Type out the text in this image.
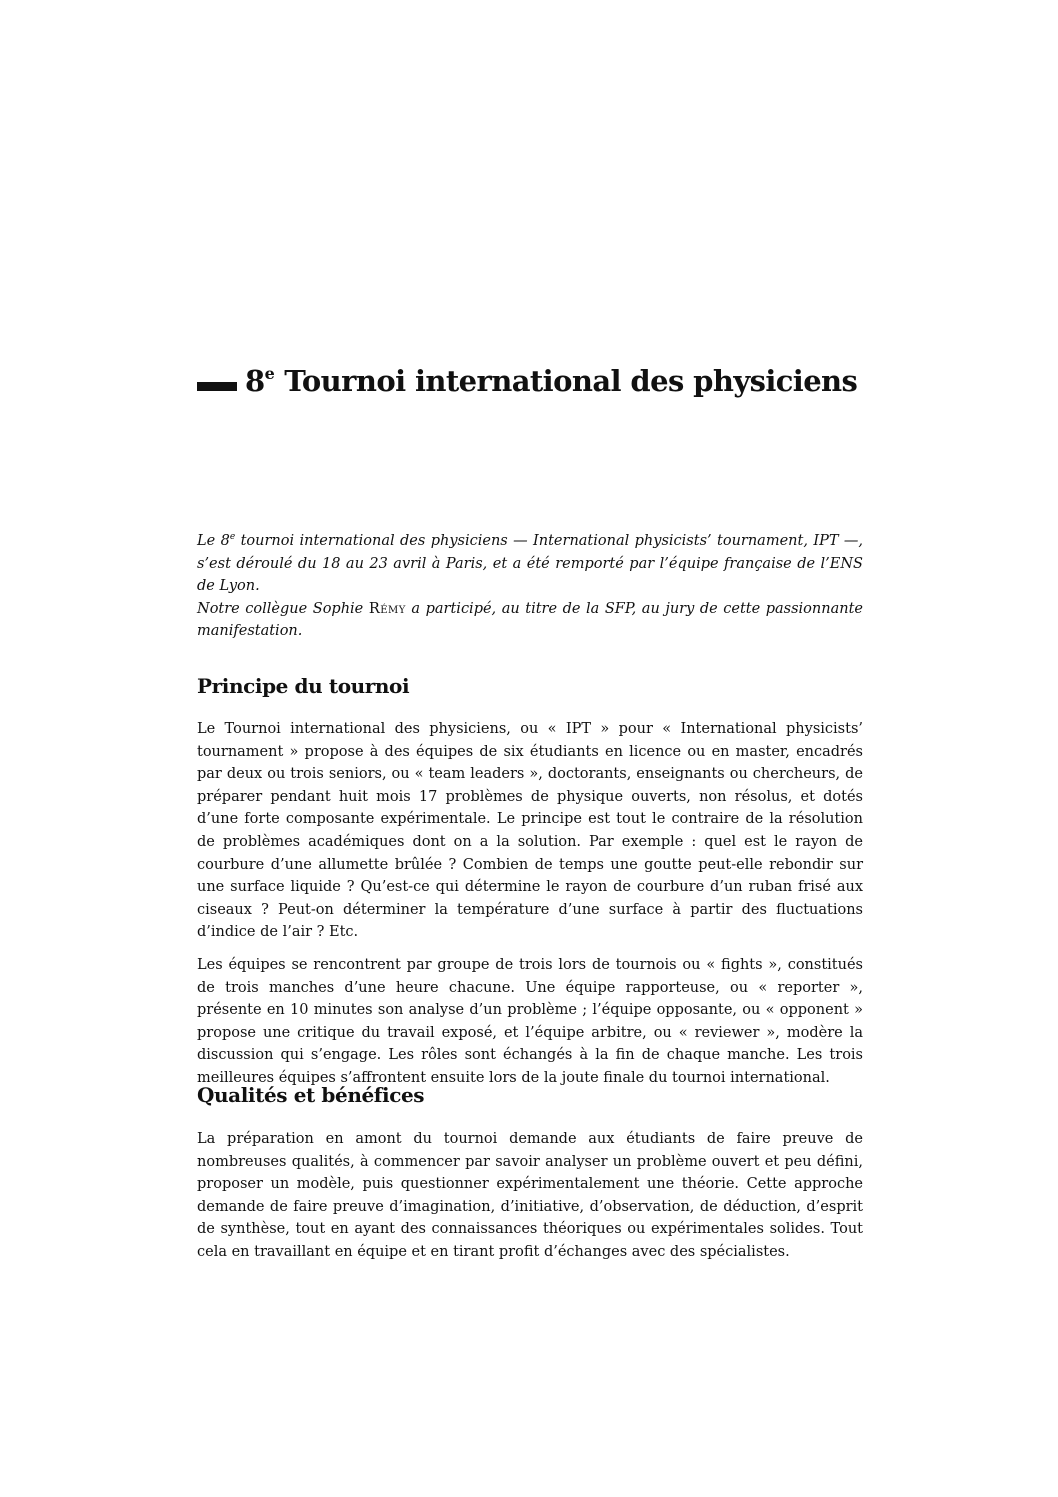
8e Tournoi international des physiciens

Le 8e tournoi international des physiciens — International physicists’ tournament, IPT —, s’est déroulé du 18 au 23 avril à Paris, et a été remporté par l’équipe française de l’ENS de Lyon.

Notre collègue Sophie Rémy a participé, au titre de la SFP, au jury de cette passionnante manifestation.

Principe du tournoi

Le Tournoi international des physiciens, ou « IPT » pour « International physicists’ tournament » propose à des équipes de six étudiants en licence ou en master, encadrés par deux ou trois seniors, ou « team leaders », doctorants, enseignants ou chercheurs, de préparer pendant huit mois 17 problèmes de physique ouverts, non résolus, et dotés d’une forte composante expérimentale. Le principe est tout le contraire de la résolution de problèmes académiques dont on a la solution. Par exemple : quel est le rayon de courbure d’une allumette brûlée ? Combien de temps une goutte peut-elle rebondir sur une surface liquide ? Qu’est-ce qui détermine le rayon de courbure d’un ruban frisé aux ciseaux ? Peut-on déterminer la température d’une surface à partir des fluctuations d’indice de l’air ? Etc.

Les équipes se rencontrent par groupe de trois lors de tournois ou « fights », constitués de trois manches d’une heure chacune. Une équipe rapporteuse, ou « reporter », présente en 10 minutes son analyse d’un problème ; l’équipe opposante, ou « opponent » propose une critique du travail exposé, et l’équipe arbitre, ou « reviewer », modère la discussion qui s’engage. Les rôles sont échangés à la fin de chaque manche. Les trois meilleures équipes s’affrontent ensuite lors de la joute finale du tournoi international.

Qualités et bénéfices

La préparation en amont du tournoi demande aux étudiants de faire preuve de nombreuses qualités, à commencer par savoir analyser un problème ouvert et peu défini, proposer un modèle, puis questionner expérimentalement une théorie. Cette approche demande de faire preuve d’imagination, d’initiative, d’observation, de déduction, d’esprit de synthèse, tout en ayant des connaissances théoriques ou expérimentales solides. Tout cela en travaillant en équipe et en tirant profit d’échanges avec des spécialistes.
